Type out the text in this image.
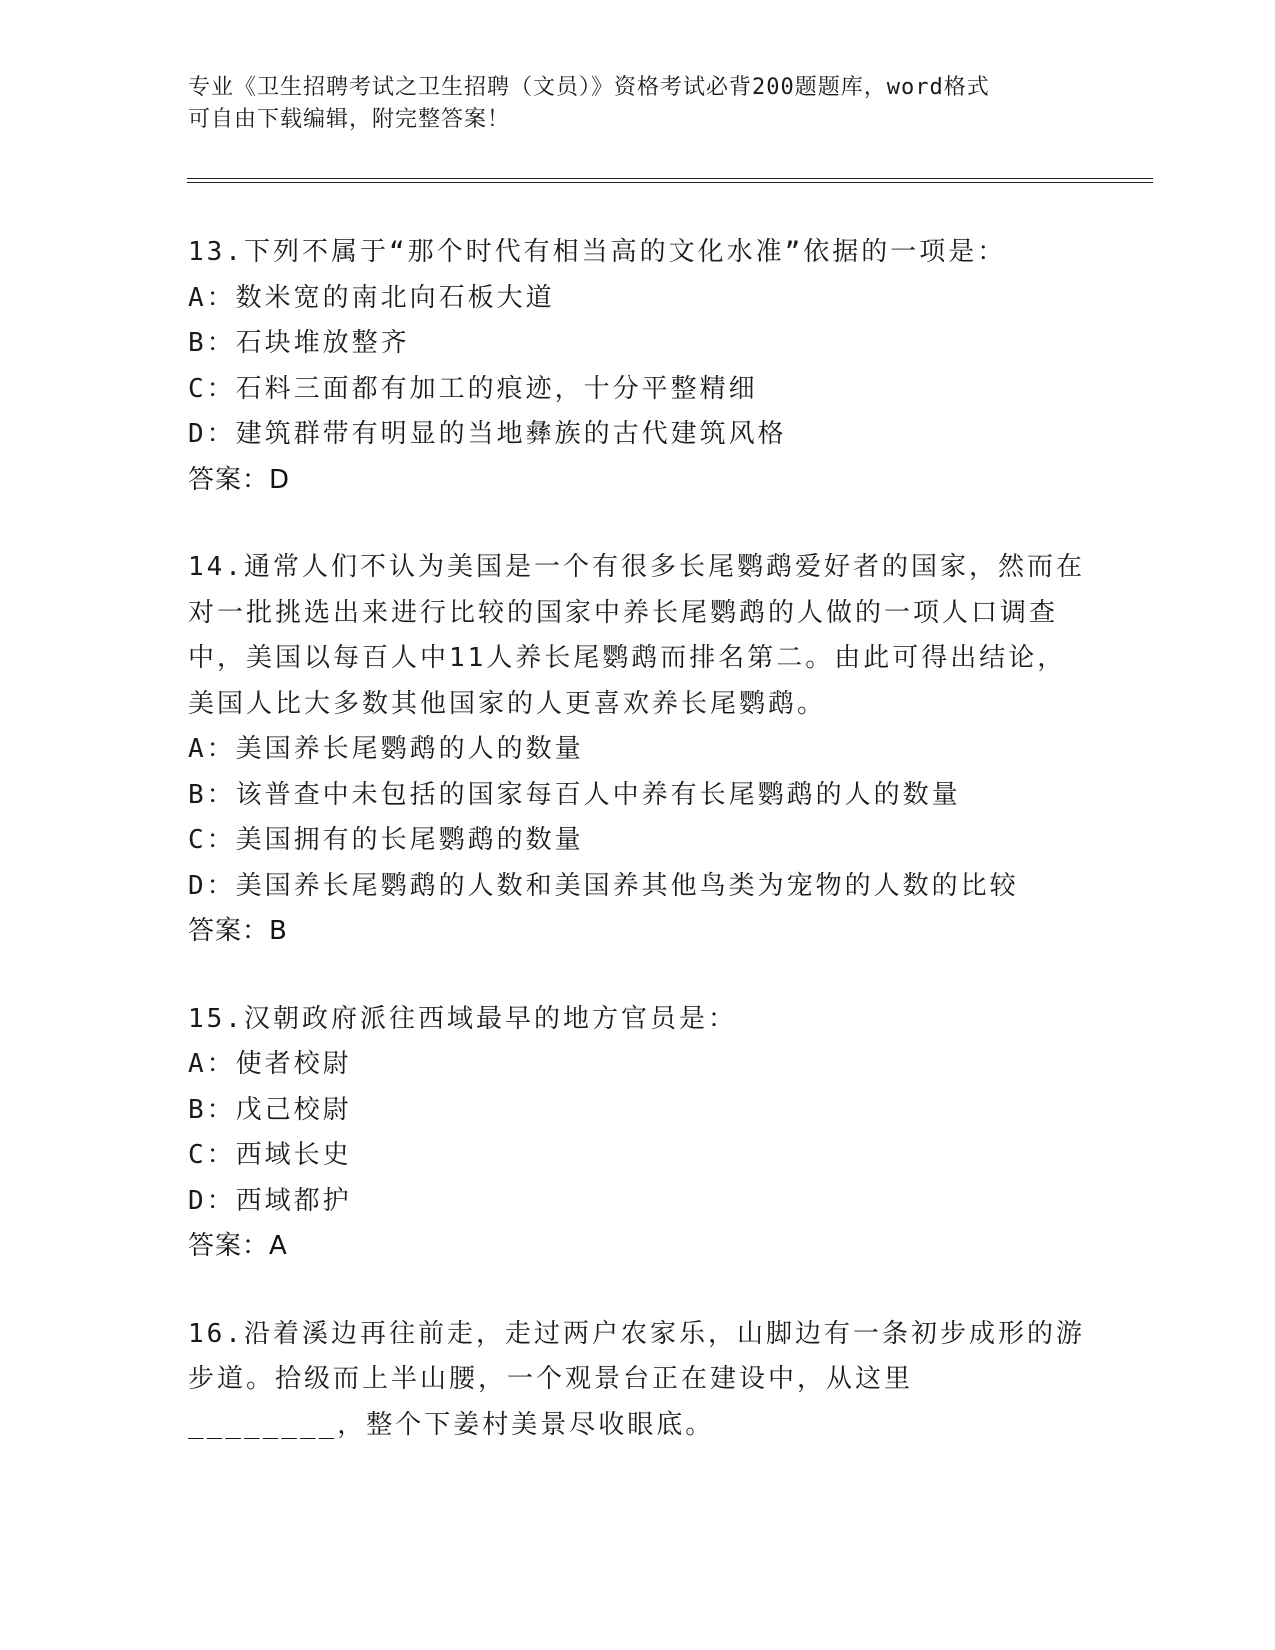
专业《卫生招聘考试之卫生招聘（文员）》资格考试必背200题题库，word格式
可自由下载编辑，附完整答案！

13.下列不属于“那个时代有相当高的文化水准”依据的一项是：

A：数米宽的南北向石板大道

B：石块堆放整齐

C：石料三面都有加工的痕迹，十分平整精细

D：建筑群带有明显的当地彝族的古代建筑风格

答案：D

14.通常人们不认为美国是一个有很多长尾鹦鹉爱好者的国家，然而在对一批挑选出来进行比较的国家中养长尾鹦鹉的人做的一项人口调查中，美国以每百人中11人养长尾鹦鹉而排名第二。由此可得出结论，美国人比大多数其他国家的人更喜欢养长尾鹦鹉。

A：美国养长尾鹦鹉的人的数量

B：该普查中未包括的国家每百人中养有长尾鹦鹉的人的数量

C：美国拥有的长尾鹦鹉的数量

D：美国养长尾鹦鹉的人数和美国养其他鸟类为宠物的人数的比较

答案：B

15.汉朝政府派往西域最早的地方官员是：

A：使者校尉

B：戊己校尉

C：西域长史

D：西域都护

答案：A

16.沿着溪边再往前走，走过两户农家乐，山脚边有一条初步成形的游步道。拾级而上半山腰，一个观景台正在建设中，从这里________，整个下姜村美景尽收眼底。
